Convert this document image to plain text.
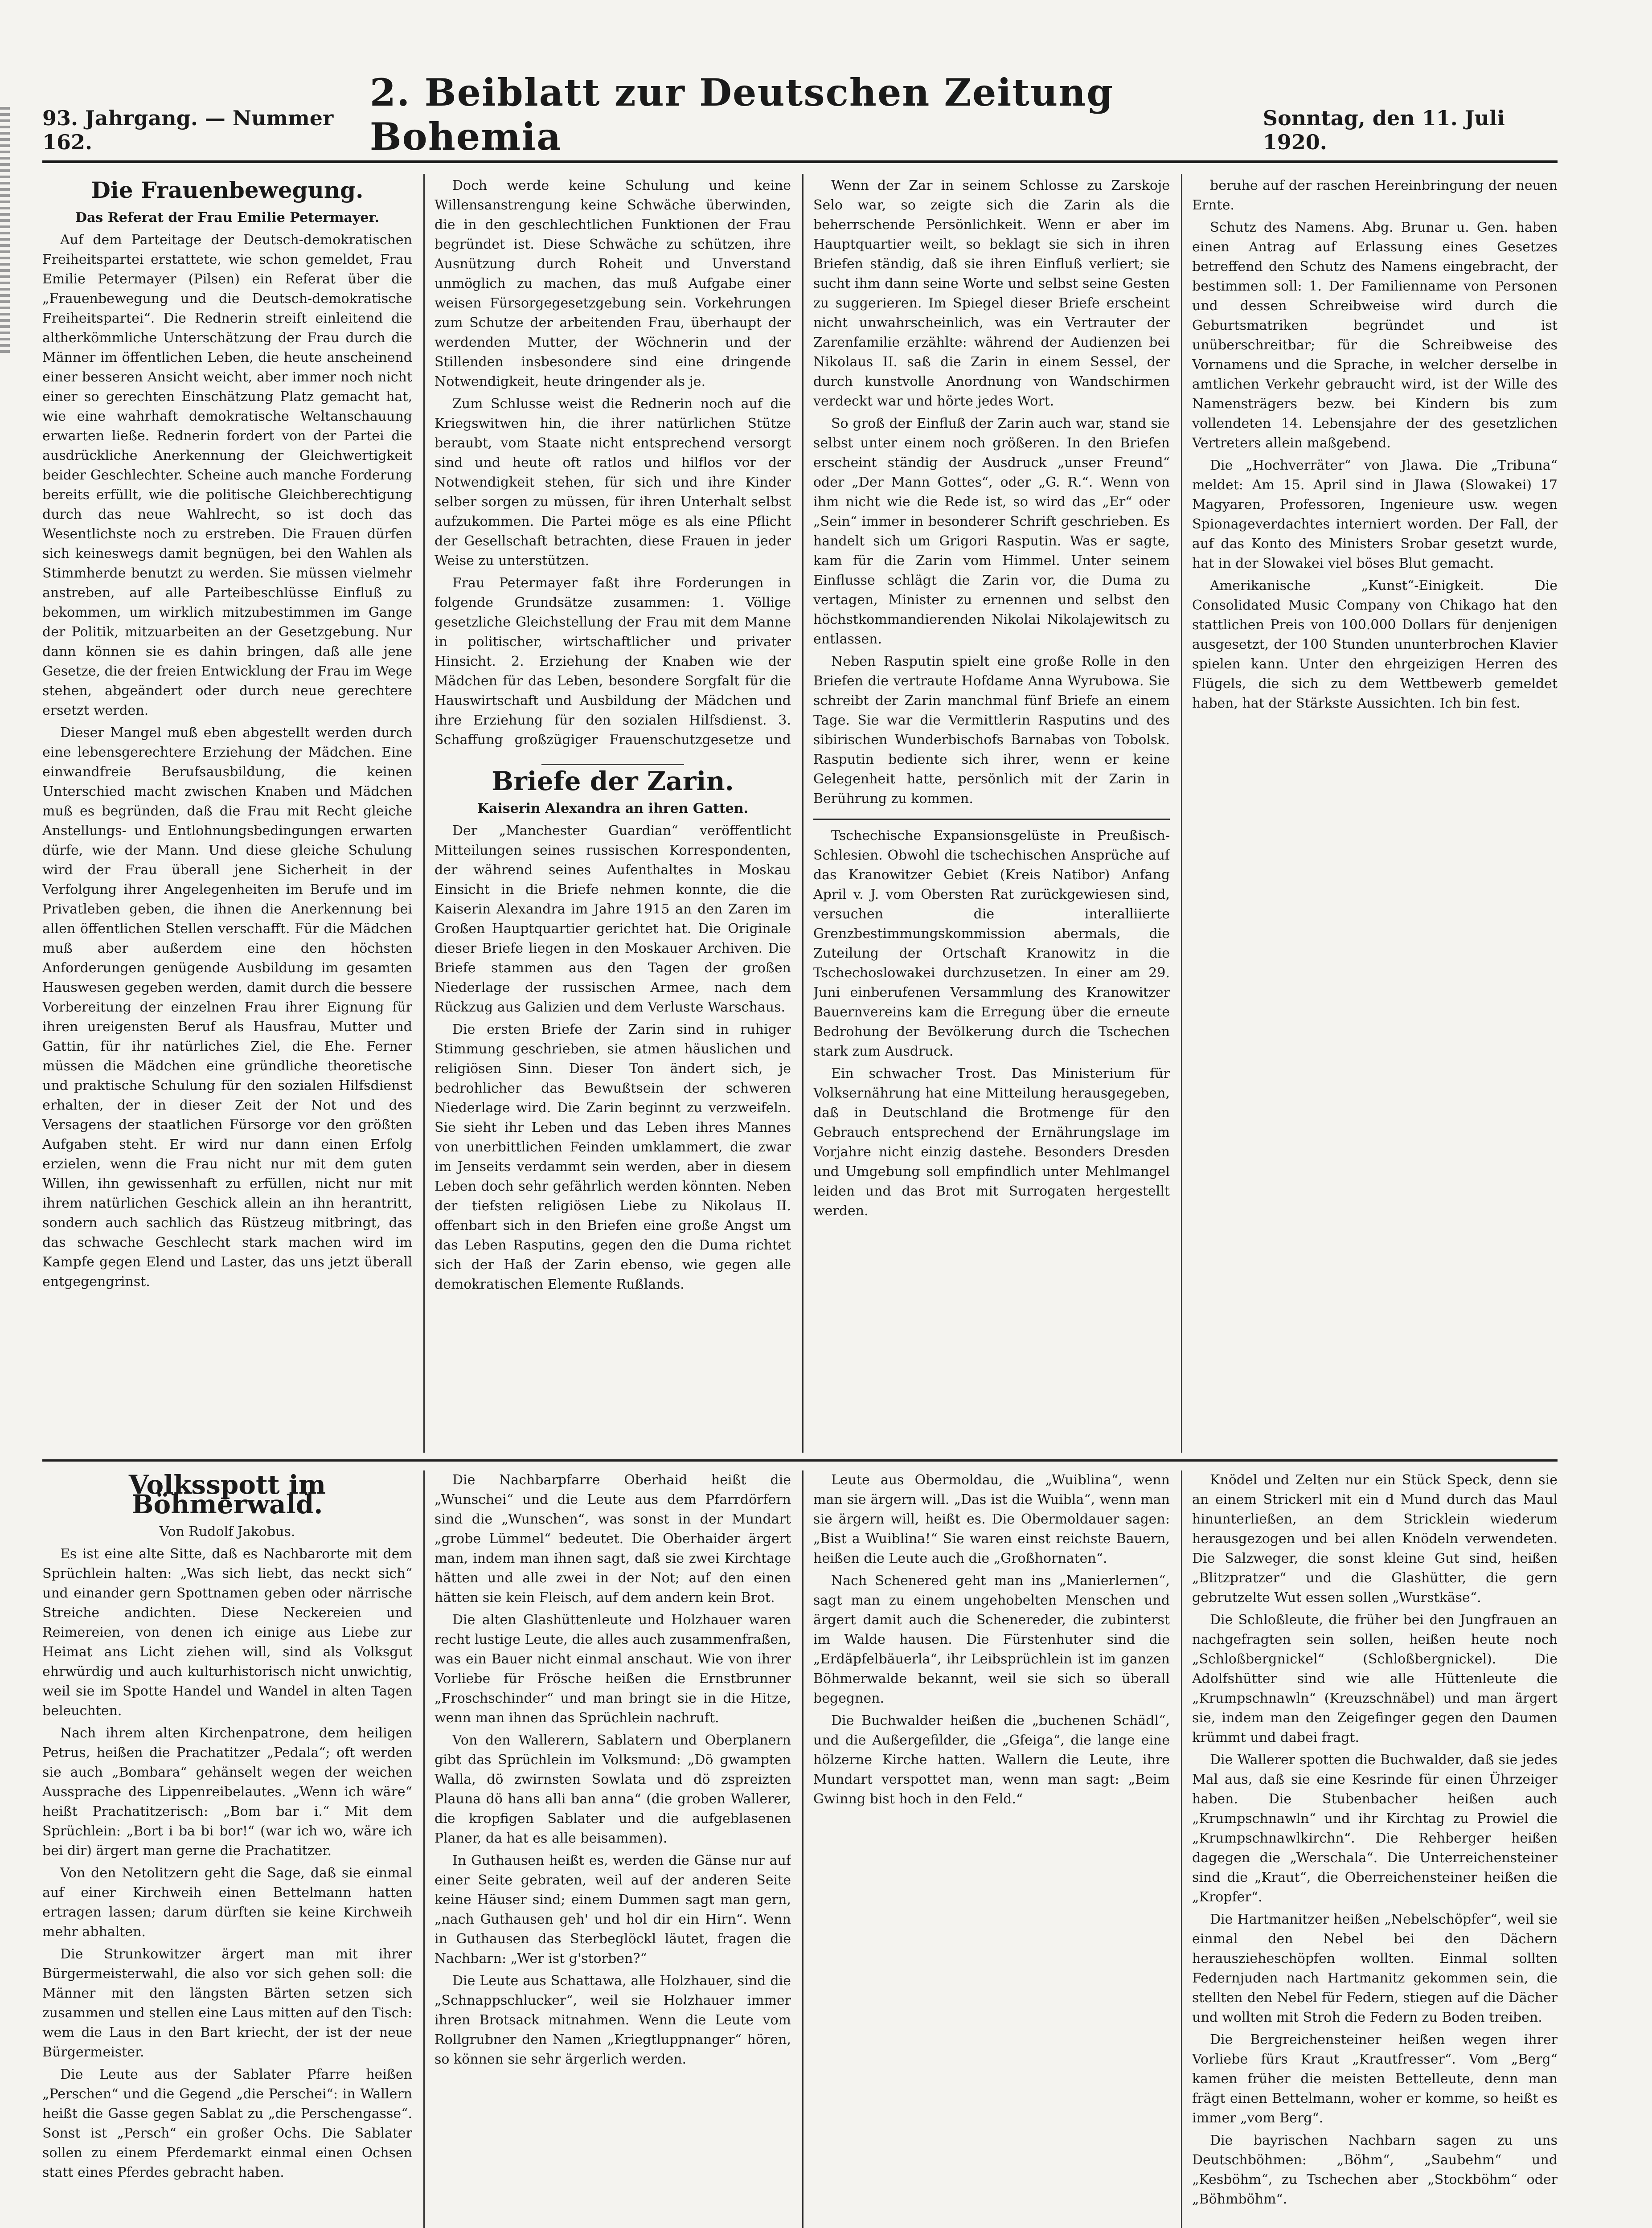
93. Jahrgang. — Nummer 162.
2. Beiblatt zur Deutschen Zeitung Bohemia	Sonntag, den 11. Juli 1920.
Die Frauenbewegung.

Das Referat der Frau Emilie Petermayer.

Auf dem Parteitage der Deutsch-demokratischen Freiheitspartei erstattete, wie schon gemeldet, Frau Emilie Petermayer (Pilsen) ein Referat über die „Frauenbewegung und die Deutsch-demokratische Freiheitspartei“. Die Rednerin streift einleitend die altherkömmliche Unterschätzung der Frau durch die Männer im öffentlichen Leben, die heute anscheinend einer besseren Ansicht weicht, aber immer noch nicht einer so gerechten Einschätzung Platz gemacht hat, wie eine wahrhaft demokratische Weltanschauung erwarten ließe. Rednerin fordert von der Partei die ausdrückliche Anerkennung der Gleichwertigkeit beider Geschlechter. Scheine auch manche Forderung bereits erfüllt, wie die politische Gleichberechtigung durch das neue Wahlrecht, so ist doch das Wesentlichste noch zu erstreben. Die Frauen dürfen sich keineswegs damit begnügen, bei den Wahlen als Stimmherde benutzt zu werden. Sie müssen vielmehr anstreben, auf alle Parteibeschlüsse Einfluß zu bekommen, um wirklich mitzubestimmen im Gange der Politik, mitzuarbeiten an der Gesetzgebung. Nur dann können sie es dahin bringen, daß alle jene Gesetze, die der freien Entwicklung der Frau im Wege stehen, abgeändert oder durch neue gerechtere ersetzt werden.

Dieser Mangel muß eben abgestellt werden durch eine lebensgerechtere Erziehung der Mädchen. Eine einwandfreie Berufsausbildung, die keinen Unterschied macht zwischen Knaben und Mädchen muß es begründen, daß die Frau mit Recht gleiche Anstellungs- und Entlohnungsbedingungen erwarten dürfe, wie der Mann. Und diese gleiche Schulung wird der Frau überall jene Sicherheit in der Verfolgung ihrer Angelegenheiten im Berufe und im Privatleben geben, die ihnen die Anerkennung bei allen öffentlichen Stellen verschafft. Für die Mädchen muß aber außerdem eine den höchsten Anforderungen genügende Ausbildung im gesamten Hauswesen gegeben werden, damit durch die bessere Vorbereitung der einzelnen Frau ihrer Eignung für ihren ureigensten Beruf als Hausfrau, Mutter und Gattin, für ihr natürliches Ziel, die Ehe. Ferner müssen die Mädchen eine gründliche theoretische und praktische Schulung für den sozialen Hilfsdienst erhalten, der in dieser Zeit der Not und des Versagens der staatlichen Fürsorge vor den größten Aufgaben steht. Er wird nur dann einen Erfolg erzielen, wenn die Frau nicht nur mit dem guten Willen, ihn gewissenhaft zu erfüllen, nicht nur mit ihrem natürlichen Geschick allein an ihn herantritt, sondern auch sachlich das Rüstzeug mitbringt, das das schwache Geschlecht stark machen wird im Kampfe gegen Elend und Laster, das uns jetzt überall entgegengrinst.

Doch werde keine Schulung und keine Willensanstrengung keine Schwäche überwinden, die in den geschlechtlichen Funktionen der Frau begründet ist. Diese Schwäche zu schützen, ihre Ausnützung durch Roheit und Unverstand unmöglich zu machen, das muß Aufgabe einer weisen Fürsorgegesetzgebung sein. Vorkehrungen zum Schutze der arbeitenden Frau, überhaupt der werdenden Mutter, der Wöchnerin und der Stillenden insbesondere sind eine dringende Notwendigkeit, heute dringender als je.

Zum Schlusse weist die Rednerin noch auf die Kriegswitwen hin, die ihrer natürlichen Stütze beraubt, vom Staate nicht entsprechend versorgt sind und heute oft ratlos und hilflos vor der Notwendigkeit stehen, für sich und ihre Kinder selber sorgen zu müssen, für ihren Unterhalt selbst aufzukommen. Die Partei möge es als eine Pflicht der Gesellschaft betrachten, diese Frauen in jeder Weise zu unterstützen.

Frau Petermayer faßt ihre Forderungen in folgende Grundsätze zusammen: 1. Völlige gesetzliche Gleichstellung der Frau mit dem Manne in politischer, wirtschaftlicher und privater Hinsicht. 2. Erziehung der Knaben wie der Mädchen für das Leben, besondere Sorgfalt für die Hauswirtschaft und Ausbildung der Mädchen und ihre Erziehung für den sozialen Hilfsdienst. 3. Schaffung großzügiger Frauenschutzgesetze und

Briefe der Zarin.

Kaiserin Alexandra an ihren Gatten.

Der „Manchester Guardian“ veröffentlicht Mitteilungen seines russischen Korrespondenten, der während seines Aufenthaltes in Moskau Einsicht in die Briefe nehmen konnte, die die Kaiserin Alexandra im Jahre 1915 an den Zaren im Großen Hauptquartier gerichtet hat. Die Originale dieser Briefe liegen in den Moskauer Archiven. Die Briefe stammen aus den Tagen der großen Niederlage der russischen Armee, nach dem Rückzug aus Galizien und dem Verluste Warschaus.

Die ersten Briefe der Zarin sind in ruhiger Stimmung geschrieben, sie atmen häuslichen und religiösen Sinn. Dieser Ton ändert sich, je bedrohlicher das Bewußtsein der schweren Niederlage wird. Die Zarin beginnt zu verzweifeln. Sie sieht ihr Leben und das Leben ihres Mannes von unerbittlichen Feinden umklammert, die zwar im Jenseits verdammt sein werden, aber in diesem Leben doch sehr gefährlich werden könnten. Neben der tiefsten religiösen Liebe zu Nikolaus II. offenbart sich in den Briefen eine große Angst um das Leben Rasputins, gegen den die Duma richtet sich der Haß der Zarin ebenso, wie gegen alle demokratischen Elemente Rußlands.

Wenn der Zar in seinem Schlosse zu Zarskoje Selo war, so zeigte sich die Zarin als die beherrschende Persönlichkeit. Wenn er aber im Hauptquartier weilt, so beklagt sie sich in ihren Briefen ständig, daß sie ihren Einfluß verliert; sie sucht ihm dann seine Worte und selbst seine Gesten zu suggerieren. Im Spiegel dieser Briefe erscheint nicht unwahrscheinlich, was ein Vertrauter der Zarenfamilie erzählte: während der Audienzen bei Nikolaus II. saß die Zarin in einem Sessel, der durch kunstvolle Anordnung von Wandschirmen verdeckt war und hörte jedes Wort.

So groß der Einfluß der Zarin auch war, stand sie selbst unter einem noch größeren. In den Briefen erscheint ständig der Ausdruck „unser Freund“ oder „Der Mann Gottes“, oder „G. R.“. Wenn von ihm nicht wie die Rede ist, so wird das „Er“ oder „Sein“ immer in besonderer Schrift geschrieben. Es handelt sich um Grigori Rasputin. Was er sagte, kam für die Zarin vom Himmel. Unter seinem Einflusse schlägt die Zarin vor, die Duma zu vertagen, Minister zu ernennen und selbst den höchstkommandierenden Nikolai Nikolajewitsch zu entlassen.

Neben Rasputin spielt eine große Rolle in den Briefen die vertraute Hofdame Anna Wyrubowa. Sie schreibt der Zarin manchmal fünf Briefe an einem Tage. Sie war die Vermittlerin Rasputins und des sibirischen Wunderbischofs Barnabas von Tobolsk. Rasputin bediente sich ihrer, wenn er keine Gelegenheit hatte, persönlich mit der Zarin in Berührung zu kommen.

Tschechische Expansionsgelüste in Preußisch-Schlesien. Obwohl die tschechischen Ansprüche auf das Kranowitzer Gebiet (Kreis Natibor) Anfang April v. J. vom Obersten Rat zurückgewiesen sind, versuchen die interalliierte Grenzbestimmungskommission abermals, die Zuteilung der Ortschaft Kranowitz in die Tschechoslowakei durchzusetzen. In einer am 29. Juni einberufenen Versammlung des Kranowitzer Bauernvereins kam die Erregung über die erneute Bedrohung der Bevölkerung durch die Tschechen stark zum Ausdruck.

Ein schwacher Trost. Das Ministerium für Volksernährung hat eine Mitteilung herausgegeben, daß in Deutschland die Brotmenge für den Gebrauch entsprechend der Ernährungslage im Vorjahre nicht einzig dastehe. Besonders Dresden und Umgebung soll empfindlich unter Mehlmangel leiden und das Brot mit Surrogaten hergestellt werden.

beruhe auf der raschen Hereinbringung der neuen Ernte.

Schutz des Namens. Abg. Brunar u. Gen. haben einen Antrag auf Erlassung eines Gesetzes betreffend den Schutz des Namens eingebracht, der bestimmen soll: 1. Der Familienname von Personen und dessen Schreibweise wird durch die Geburtsmatriken begründet und ist unüberschreitbar; für die Schreibweise des Vornamens und die Sprache, in welcher derselbe in amtlichen Verkehr gebraucht wird, ist der Wille des Namensträgers bezw. bei Kindern bis zum vollendeten 14. Lebensjahre der des gesetzlichen Vertreters allein maßgebend.

Die „Hochverräter“ von Jlawa. Die „Tribuna“ meldet: Am 15. April sind in Jlawa (Slowakei) 17 Magyaren, Professoren, Ingenieure usw. wegen Spionageverdachtes interniert worden. Der Fall, der auf das Konto des Ministers Srobar gesetzt wurde, hat in der Slowakei viel böses Blut gemacht.

Amerikanische „Kunst“-Einigkeit. Die Consolidated Music Company von Chikago hat den stattlichen Preis von 100.000 Dollars für denjenigen ausgesetzt, der 100 Stunden ununterbrochen Klavier spielen kann. Unter den ehrgeizigen Herren des Flügels, die sich zu dem Wettbewerb gemeldet haben, hat der Stärkste Aussichten. Ich bin fest.

Volksspott im Böhmerwald.

Von Rudolf Jakobus.

Es ist eine alte Sitte, daß es Nachbarorte mit dem Sprüchlein halten: „Was sich liebt, das neckt sich“ und einander gern Spottnamen geben oder närrische Streiche andichten. Diese Neckereien und Reimereien, von denen ich einige aus Liebe zur Heimat ans Licht ziehen will, sind als Volksgut ehrwürdig und auch kulturhistorisch nicht unwichtig, weil sie im Spotte Handel und Wandel in alten Tagen beleuchten.

Nach ihrem alten Kirchenpatrone, dem heiligen Petrus, heißen die Prachatitzer „Pedala“; oft werden sie auch „Bombara“ gehänselt wegen der weichen Aussprache des Lippenreibelautes. „Wenn ich wäre“ heißt Prachatitzerisch: „Bom bar i.“ Mit dem Sprüchlein: „Bort i ba bi bor!“ (war ich wo, wäre ich bei dir) ärgert man gerne die Prachatitzer.

Von den Netolitzern geht die Sage, daß sie einmal auf einer Kirchweih einen Bettelmann hatten ertragen lassen; darum dürften sie keine Kirchweih mehr abhalten.

Die Strunkowitzer ärgert man mit ihrer Bürgermeisterwahl, die also vor sich gehen soll: die Männer mit den längsten Bärten setzen sich zusammen und stellen eine Laus mitten auf den Tisch: wem die Laus in den Bart kriecht, der ist der neue Bürgermeister.

Die Leute aus der Sablater Pfarre heißen „Perschen“ und die Gegend „die Perschei“: in Wallern heißt die Gasse gegen Sablat zu „die Perschengasse“. Sonst ist „Persch“ ein großer Ochs. Die Sablater sollen zu einem Pferdemarkt einmal einen Ochsen statt eines Pferdes gebracht haben.

Die Nachbarpfarre Oberhaid heißt die „Wunschei“ und die Leute aus dem Pfarrdörfern sind die „Wunschen“, was sonst in der Mundart „grobe Lümmel“ bedeutet. Die Oberhaider ärgert man, indem man ihnen sagt, daß sie zwei Kirchtage hätten und alle zwei in der Not; auf den einen hätten sie kein Fleisch, auf dem andern kein Brot.

Die alten Glashüttenleute und Holzhauer waren recht lustige Leute, die alles auch zusammenfraßen, was ein Bauer nicht einmal anschaut. Wie von ihrer Vorliebe für Frösche heißen die Ernstbrunner „Froschschinder“ und man bringt sie in die Hitze, wenn man ihnen das Sprüchlein nachruft.

Von den Wallerern, Sablatern und Oberplanern gibt das Sprüchlein im Volksmund: „Dö gwampten Walla, dö zwirnsten Sowlata und dö zspreizten Plauna dö hans alli ban anna“ (die groben Wallerer, die kropfigen Sablater und die aufgeblasenen Planer, da hat es alle beisammen).

In Guthausen heißt es, werden die Gänse nur auf einer Seite gebraten, weil auf der anderen Seite keine Häuser sind; einem Dummen sagt man gern, „nach Guthausen geh' und hol dir ein Hirn“. Wenn in Guthausen das Sterbeglöckl läutet, fragen die Nachbarn: „Wer ist g'storben?“

Die Leute aus Schattawa, alle Holzhauer, sind die „Schnappschlucker“, weil sie Holzhauer immer ihren Brotsack mitnahmen. Wenn die Leute vom Rollgrubner den Namen „Kriegtluppnanger“ hören, so können sie sehr ärgerlich werden.

Leute aus Obermoldau, die „Wuiblina“, wenn man sie ärgern will. „Das ist die Wuibla“, wenn man sie ärgern will, heißt es. Die Obermoldauer sagen: „Bist a Wuiblina!“ Sie waren einst reichste Bauern, heißen die Leute auch die „Großhornaten“.

Nach Schenered geht man ins „Manierlernen“, sagt man zu einem ungehobelten Menschen und ärgert damit auch die Schenereder, die zubinterst im Walde hausen. Die Fürstenhuter sind die „Erdäpfelbäuerla“, ihr Leibsprüchlein ist im ganzen Böhmerwalde bekannt, weil sie sich so überall begegnen.

Die Buchwalder heißen die „buchenen Schädl“, und die Außergefilder, die „Gfeiga“, die lange eine hölzerne Kirche hatten. Wallern die Leute, ihre Mundart verspottet man, wenn man sagt: „Beim Gwinng bist hoch in den Feld.“

Knödel und Zelten nur ein Stück Speck, denn sie an einem Strickerl mit ein d Mund durch das Maul hinunterließen, an dem Stricklein wiederum herausgezogen und bei allen Knödeln verwendeten. Die Salzweger, die sonst kleine Gut sind, heißen „Blitzpratzer“ und die Glashütter, die gern gebrutzelte Wut essen sollen „Wurstkäse“.

Die Schloßleute, die früher bei den Jungfrauen an nachgefragten sein sollen, heißen heute noch „Schloßbergnickel“ (Schloßbergnickel). Die Adolfshütter sind wie alle Hüttenleute die „Krumpschnawln“ (Kreuzschnäbel) und man ärgert sie, indem man den Zeigefinger gegen den Daumen krümmt und dabei fragt.

Die Wallerer spotten die Buchwalder, daß sie jedes Mal aus, daß sie eine Kesrinde für einen Ührzeiger haben. Die Stubenbacher heißen auch „Krumpschnawln“ und ihr Kirchtag zu Prowiel die „Krumpschnawlkirchn“. Die Rehberger heißen dagegen die „Werschala“. Die Unterreichensteiner sind die „Kraut“, die Oberreichensteiner heißen die „Kropfer“.

Die Hartmanitzer heißen „Nebelschöpfer“, weil sie einmal den Nebel bei den Dächern herauszieheschöpfen wollten. Einmal sollten Federnjuden nach Hartmanitz gekommen sein, die stellten den Nebel für Federn, stiegen auf die Dächer und wollten mit Stroh die Federn zu Boden treiben.

Die Bergreichensteiner heißen wegen ihrer Vorliebe fürs Kraut „Krautfresser“. Vom „Berg“ kamen früher die meisten Bettelleute, denn man frägt einen Bettelmann, woher er komme, so heißt es immer „vom Berg“.

Die bayrischen Nachbarn sagen zu uns Deutschböhmen: „Böhm“, „Saubehm“ und „Kesböhm“, zu Tschechen aber „Stockböhm“ oder „Böhmböhm“.
